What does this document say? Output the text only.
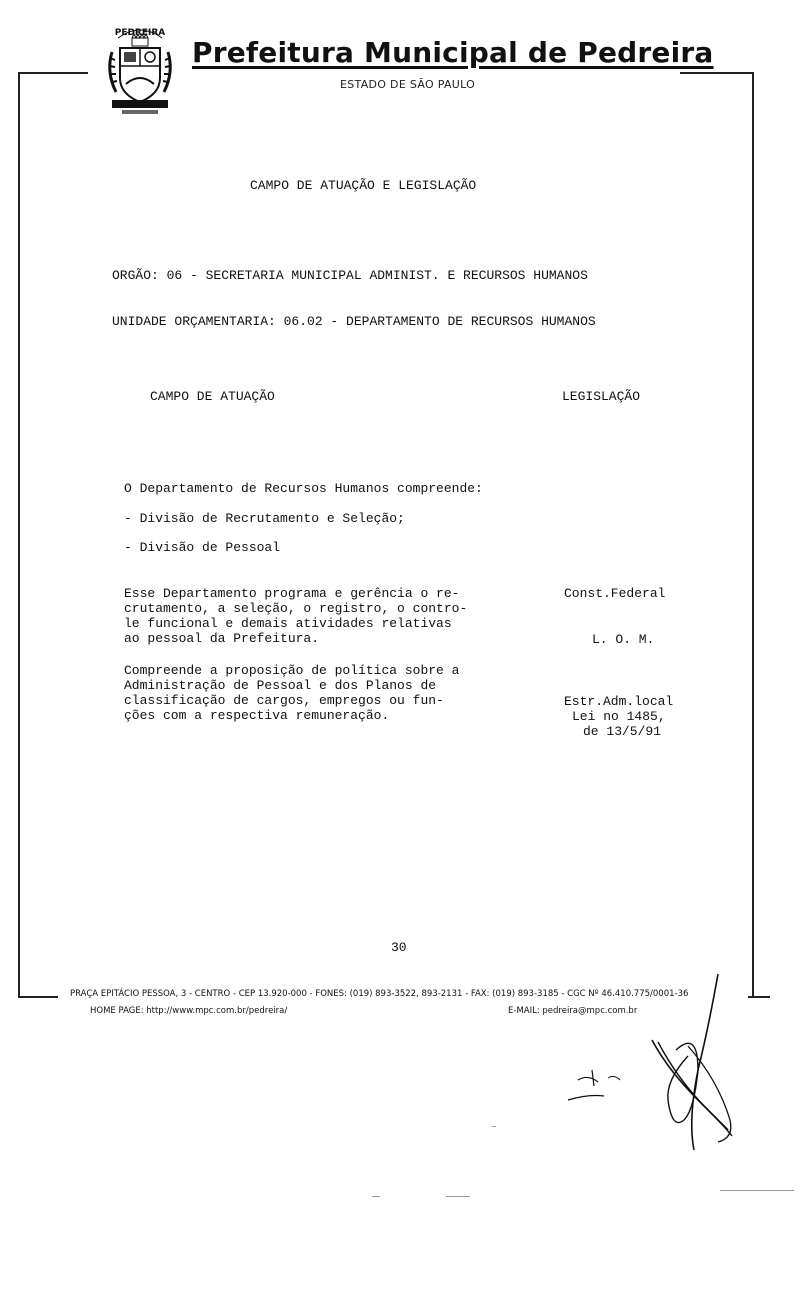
PEDREIRA
Prefeitura Municipal de Pedreira
ESTADO DE SÃO PAULO
CAMPO DE ATUAÇÃO E LEGISLAÇÃO
ORGÃO: 06 - SECRETARIA MUNICIPAL ADMINIST. E RECURSOS HUMANOS
UNIDADE ORÇAMENTARIA: 06.02 - DEPARTAMENTO DE RECURSOS HUMANOS
CAMPO DE ATUAÇÃO	LEGISLAÇÃO
O Departamento de Recursos Humanos compreende:
- Divisão de Recrutamento e Seleção;
- Divisão de Pessoal
Esse Departamento programa e gerência o re-
crutamento, a seleção, o registro, o contro-
le funcional e demais atividades relativas
ao pessoal da Prefeitura.
Const.Federal
L. O. M.
Compreende a proposição de política sobre a
Administração de Pessoal e dos Planos de
classificação de cargos, empregos ou fun-
ções com a respectiva remuneração.
Estr.Adm.local
Lei no 1485,
de 13/5/91
30
PRAÇA EPITÁCIO PESSOA, 3 - CENTRO - CEP 13.920-000 - FONES: (019) 893-3522, 893-2131 - FAX: (019) 893-3185 - CGC Nº 46.410.775/0001-36
HOME PAGE: http://www.mpc.com.br/pedreira/	E-MAIL: pedreira@mpc.com.br
